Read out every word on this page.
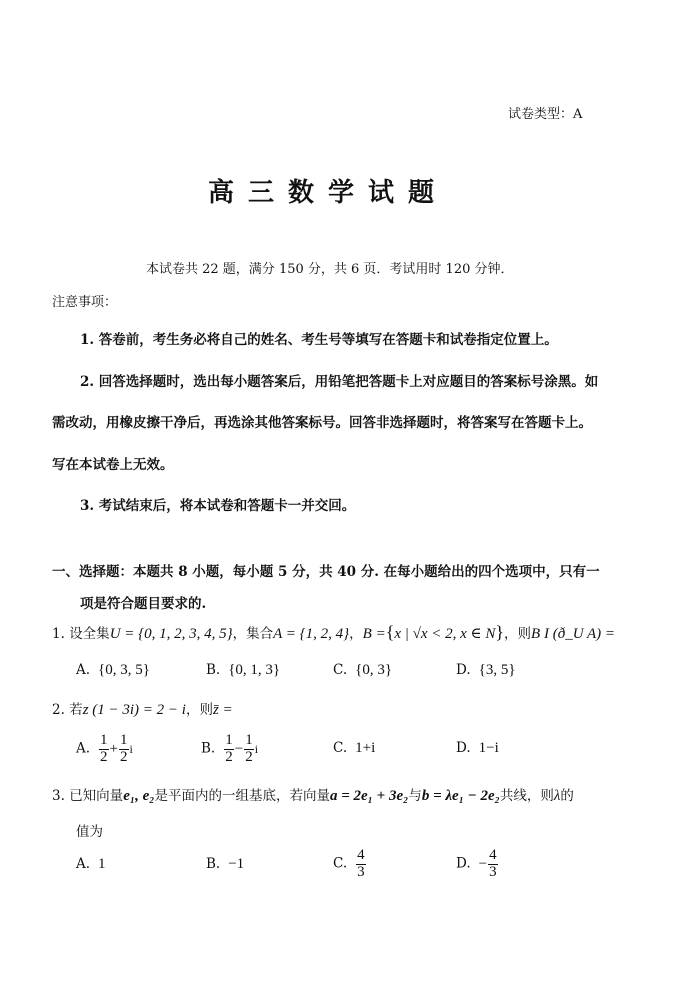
试卷类型：A
高三数学试题
本试卷共 22 题，满分 150 分，共 6 页．考试用时 120 分钟．
注意事项：
1. 答卷前，考生务必将自己的姓名、考生号等填写在答题卡和试卷指定位置上。
2. 回答选择题时，选出每小题答案后，用铅笔把答题卡上对应题目的答案标号涂黑。如
需改动，用橡皮擦干净后，再选涂其他答案标号。回答非选择题时，将答案写在答题卡上。
写在本试卷上无效。
3. 考试结束后，将本试卷和答题卡一并交回。
一、选择题：本题共 8 小题，每小题 5 分，共 40 分. 在每小题给出的四个选项中，只有一
项是符合题目要求的.
1. 设全集U = {0, 1, 2, 3, 4, 5}，集合A = {1, 2, 4}，B ={x | √x < 2, x ∈ N}，则B I (ð_U A) =
A. {0, 3, 5}	B. {0, 1, 3}	C. {0, 3}	D. {3, 5}
2. 若z (1 − 3i) = 2 − i，则z̄ =
A. $\frac{1}{2} + \frac{1}{2}$ i	B. $\frac{1}{2} - \frac{1}{2}$ i	C. 1+i	D. 1−i
3. 已知向量e₁, e₂是平面内的一组基底，若向量a = 2e₁ + 3e₂与b = λe₁ − 2e₂共线，则λ的
值为
A. 1	B. −1	C. $\frac{4}{3}$	D. − $\frac{4}{3}$
